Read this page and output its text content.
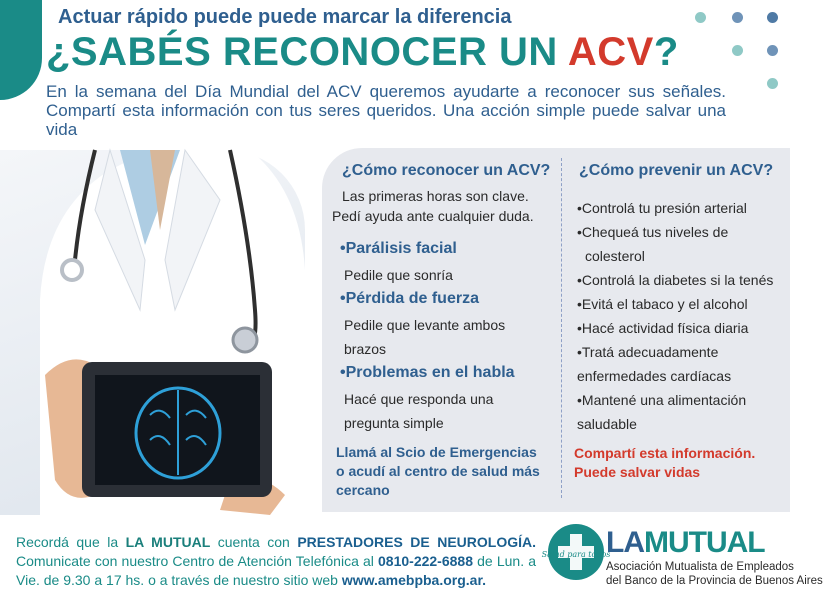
Actuar rápido puede puede marcar la diferencia
¿SABÉS RECONOCER UN ACV?
En la semana del Día Mundial del ACV queremos ayudarte a reconocer sus señales. Compartí esta información con tus seres queridos. Una acción simple puede salvar una vida
¿Cómo reconocer un ACV?
Las primeras horas son clave.
Pedí ayuda ante cualquier duda.
•Parálisis facial
Pedile que sonría
•Pérdida de fuerza
Pedile que levante ambos
brazos
•Problemas en el habla
Hacé que responda una
pregunta simple
Llamá al Scio de Emergencias
o acudí al centro de salud más
cercano
¿Cómo prevenir un ACV?
•Controlá tu presión arterial
•Chequeá tus niveles de
colesterol
•Controlá la diabetes si la tenés
•Evitá el tabaco y el alcohol
•Hacé actividad física diaria
•Tratá adecuadamente
enfermedades cardíacas
•Mantené una alimentación
saludable
Compartí esta información.
Puede salvar vidas
Recordá que la LA MUTUAL cuenta con PRESTADORES DE NEUROLOGÍA. Comunicate con nuestro Centro de Atención Telefónica al 0810-222-6888 de Lun. a Vie. de 9.30 a 17 hs. o a través de nuestro sitio web www.amebpba.org.ar.
Salud para todos
LAMUTUAL
Asociación Mutualista de Empleados
del Banco de la Provincia de Buenos Aires
